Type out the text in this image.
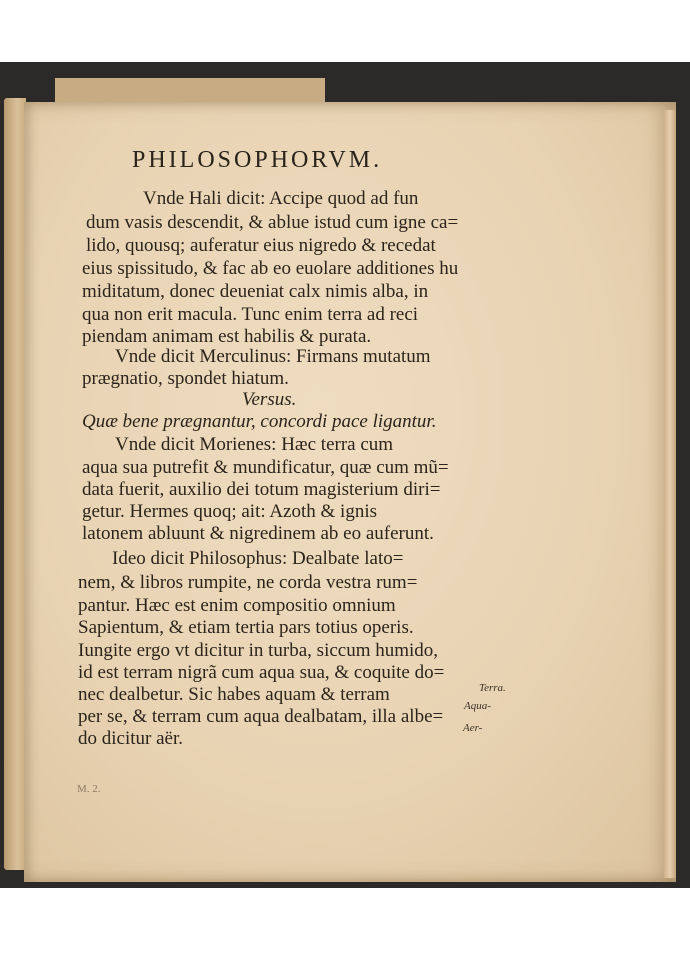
PHILOSOPHORVM.

Vnde Hali dicit: Accipe quod ad fun

dum vasis descendit, & ablue istud cum igne ca=

lido, quousq; auferatur eius nigredo & recedat

eius spissitudo, & fac ab eo euolare additiones hu

miditatum, donec deueniat calx nimis alba, in

qua non erit macula. Tunc enim terra ad reci

piendam animam est habilis & purata.

Vnde dicit Merculinus: Firmans mutatum

prӕgnatio, spondet hiatum.

Versus.

Quӕ bene prӕgnantur, concordi pace ligantur.

Vnde dicit Morienes: Hӕc terra cum

aqua sua putrefit & mundificatur, quӕ cum mũ=

data fuerit, auxilio dei totum magisterium diri=

getur. Hermes quoq; ait: Azoth & ignis

latonem abluunt & nigredinem ab eo auferunt.

Ideo dicit Philosophus: Dealbate lato=

nem, & libros rumpite, ne corda vestra rum=

pantur. Hӕc est enim compositio omnium

Sapientum, & etiam tertia pars totius operis.

Iungite ergo vt dicitur in turba, siccum humido,

id est terram nigrã cum aqua sua, & coquite do=

nec dealbetur. Sic habes aquam & terram

per se, & terram cum aqua dealbatam, illa albe=

do dicitur aër.

Terra.
Aqua-
Aer-
M. 2.
